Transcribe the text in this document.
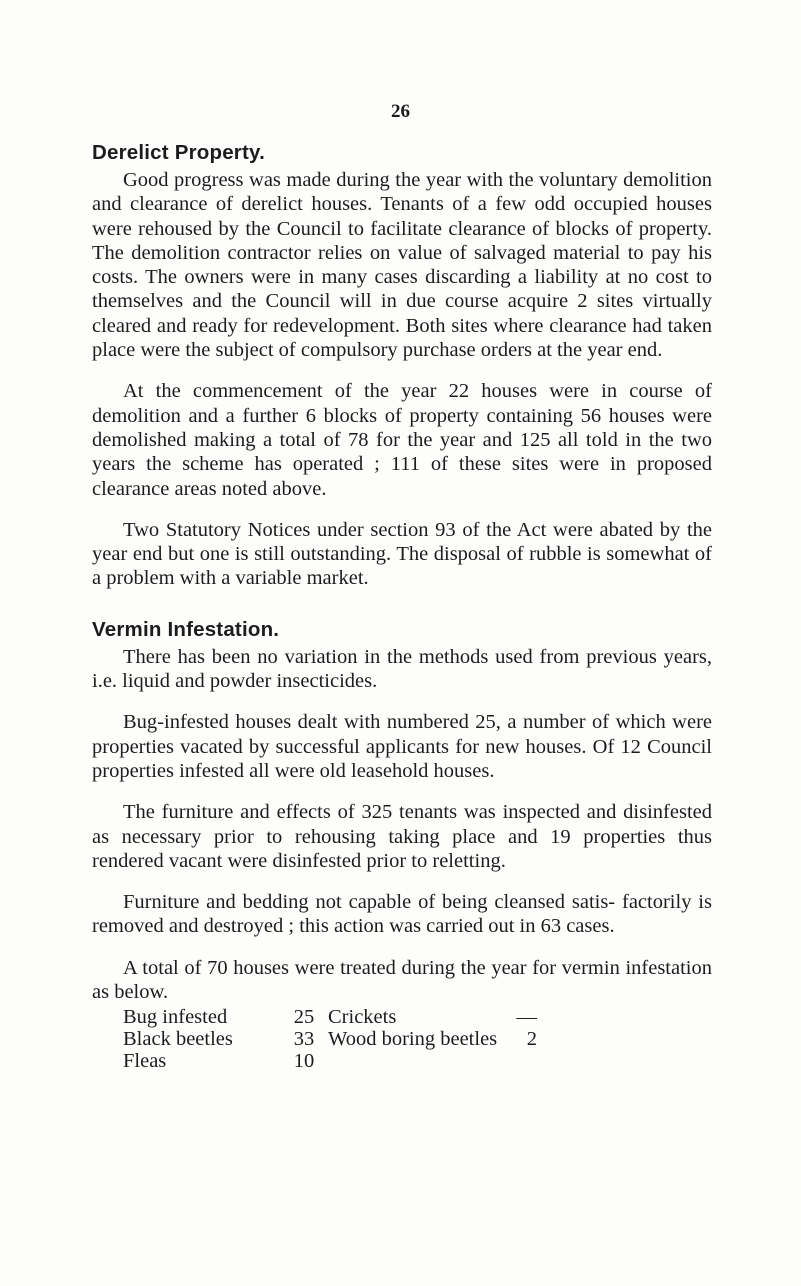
26
Derelict Property.

Good progress was made during the year with the voluntary demolition and clearance of derelict houses. Tenants of a few odd occupied houses were rehoused by the Council to facilitate clearance of blocks of property. The demolition contractor relies on value of salvaged material to pay his costs. The owners were in many cases discarding a liability at no cost to themselves and the Council will in due course acquire 2 sites virtually cleared and ready for redevelopment. Both sites where clearance had taken place were the subject of compulsory purchase orders at the year end.

At the commencement of the year 22 houses were in course of demolition and a further 6 blocks of property containing 56 houses were demolished making a total of 78 for the year and 125 all told in the two years the scheme has operated ; 111 of these sites were in proposed clearance areas noted above.

Two Statutory Notices under section 93 of the Act were abated by the year end but one is still outstanding. The disposal of rubble is somewhat of a problem with a variable market.

Vermin Infestation.

There has been no variation in the methods used from previous years, i.e. liquid and powder insecticides.

Bug-infested houses dealt with numbered 25, a number of which were properties vacated by successful applicants for new houses. Of 12 Council properties infested all were old leasehold houses.

The furniture and effects of 325 tenants was inspected and disinfested as necessary prior to rehousing taking place and 19 properties thus rendered vacant were disinfested prior to reletting.

Furniture and bedding not capable of being cleansed satis- factorily is removed and destroyed ; this action was carried out in 63 cases.

A total of 70 houses were treated during the year for vermin infestation as below.

Bug infested	25 Crickets	—
Black beetles	33 Wood boring beetles	2
Fleas	10
